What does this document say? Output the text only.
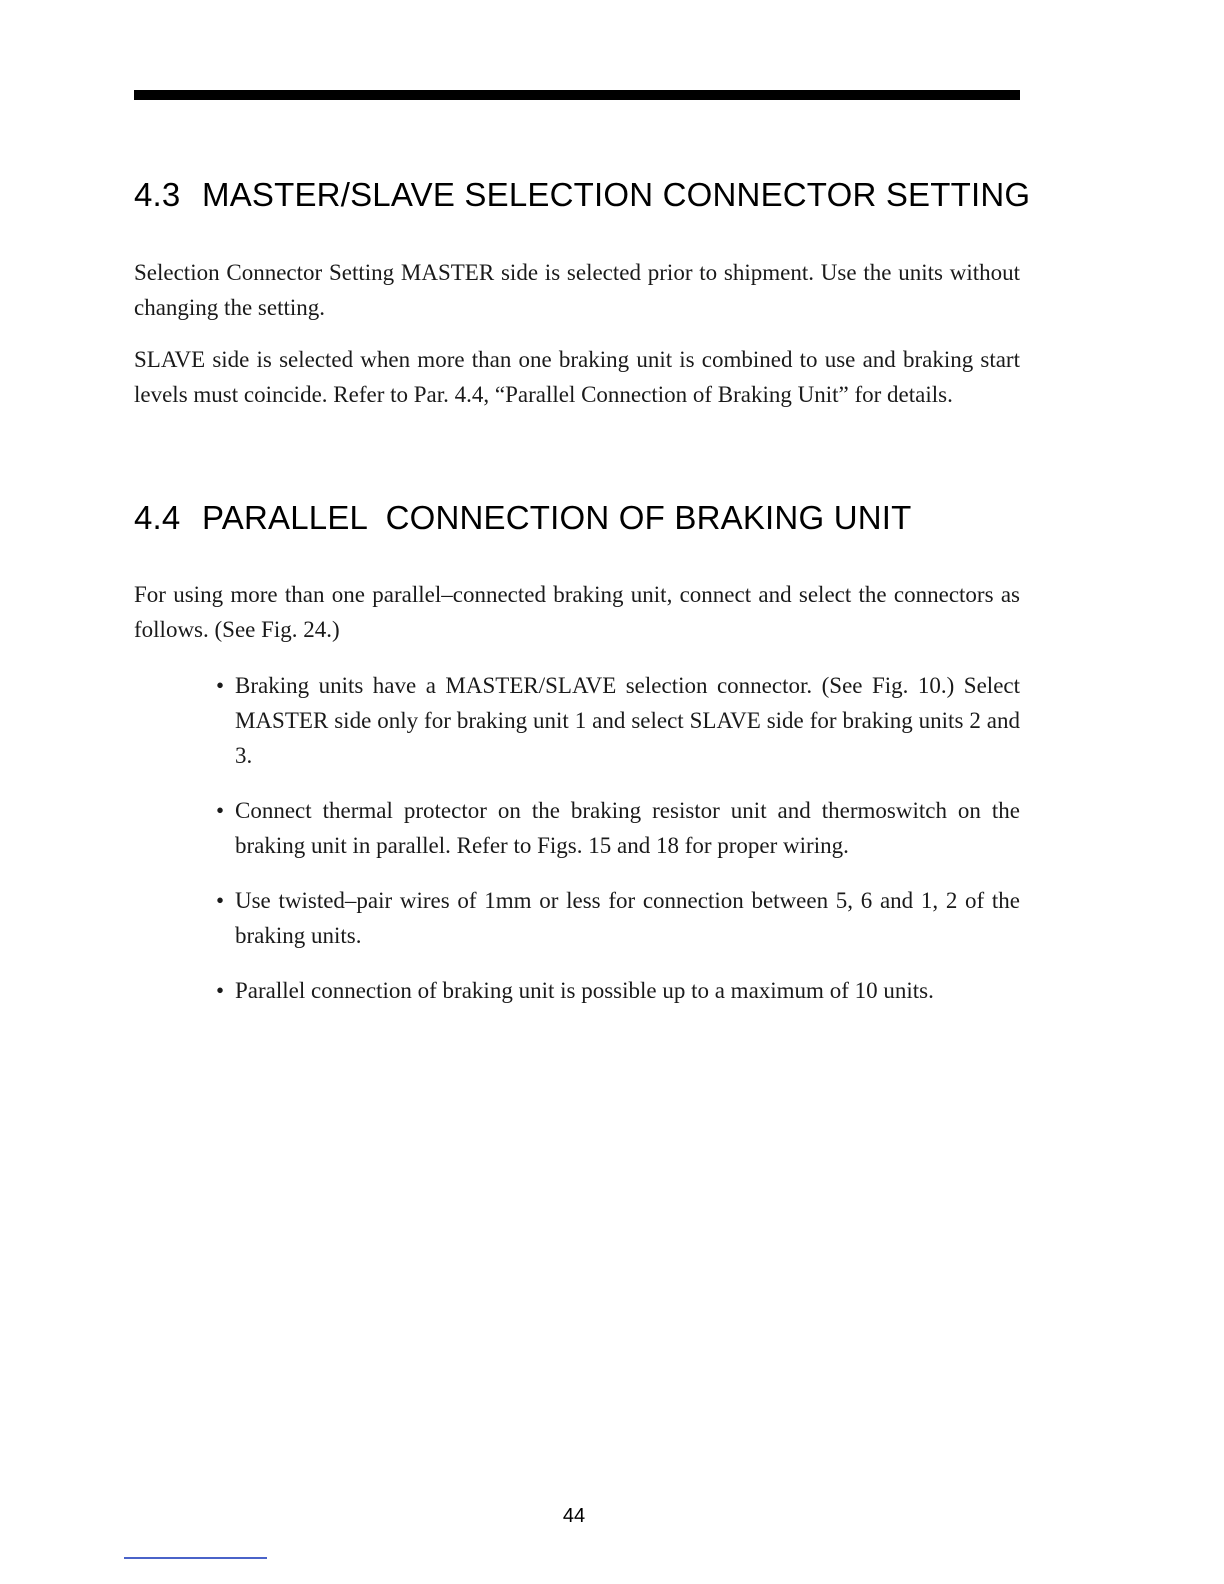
4.3 MASTER/SLAVE SELECTION CONNECTOR SETTING

Selection Connector Setting MASTER side is selected prior to shipment. Use the units without changing the setting.

SLAVE side is selected when more than one braking unit is combined to use and braking start levels must coincide. Refer to Par. 4.4, “Parallel Connection of Braking Unit” for details.

4.4 PARALLEL  CONNECTION OF BRAKING UNIT

For using more than one parallel–connected braking unit, connect and select the connectors as follows. (See Fig. 24.)

• Braking units have a MASTER/SLAVE selection connector. (See Fig. 10.) Select MASTER side only for braking unit 1 and select SLAVE side for braking units 2 and 3.
• Connect thermal protector on the braking resistor unit and thermoswitch on the braking unit in parallel. Refer to Figs. 15 and 18 for proper wiring.
• Use twisted–pair wires of 1mm or less for connection between 5, 6 and 1, 2 of the braking units.
• Parallel connection of braking unit is possible up to a maximum of 10 units.
44
